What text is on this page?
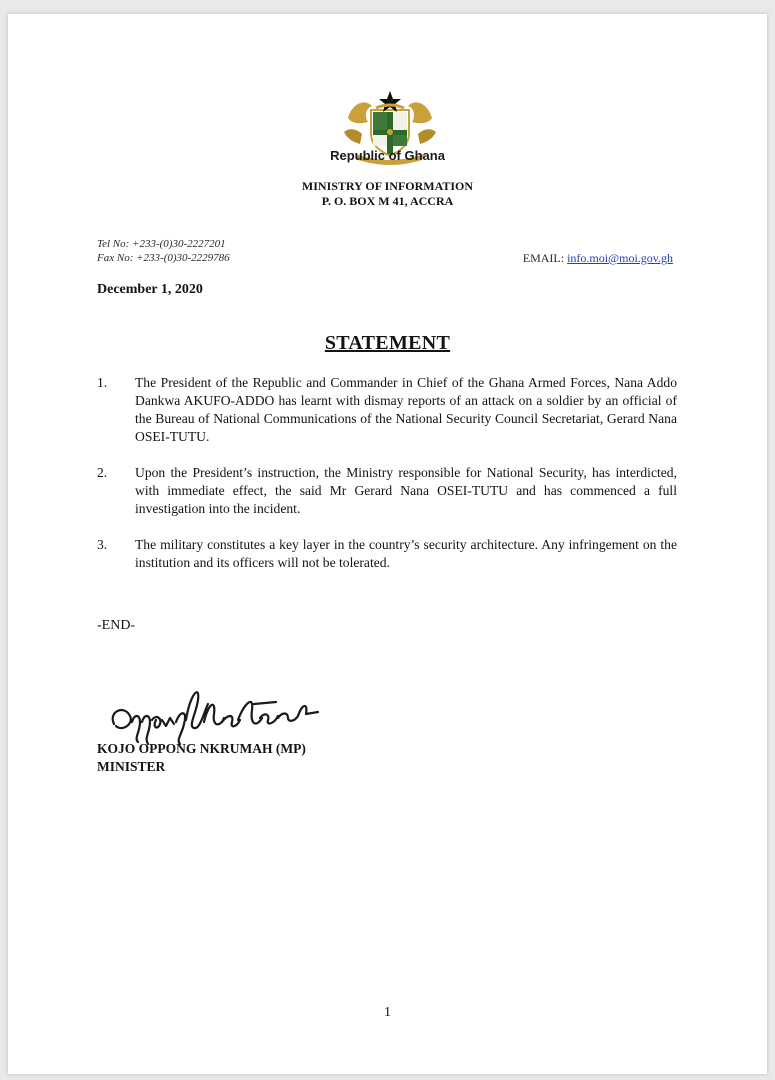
Republic of Ghana
MINISTRY OF INFORMATION
P. O. BOX M 41, ACCRA
Tel No: +233-(0)30-2227201
Fax No: +233-(0)30-2229786	EMAIL: info.moi@moi.gov.gh
December 1, 2020
STATEMENT
1. The President of the Republic and Commander in Chief of the Ghana Armed Forces, Nana Addo Dankwa AKUFO-ADDO has learnt with dismay reports of an attack on a soldier by an official of the Bureau of National Communications of the National Security Council Secretariat, Gerard Nana OSEI-TUTU.
2. Upon the President’s instruction, the Ministry responsible for National Security, has interdicted, with immediate effect, the said Mr Gerard Nana OSEI-TUTU and has commenced a full investigation into the incident.
3. The military constitutes a key layer in the country’s security architecture. Any infringement on the institution and its officers will not be tolerated.
-END-
KOJO OPPONG NKRUMAH (MP)
MINISTER
1
